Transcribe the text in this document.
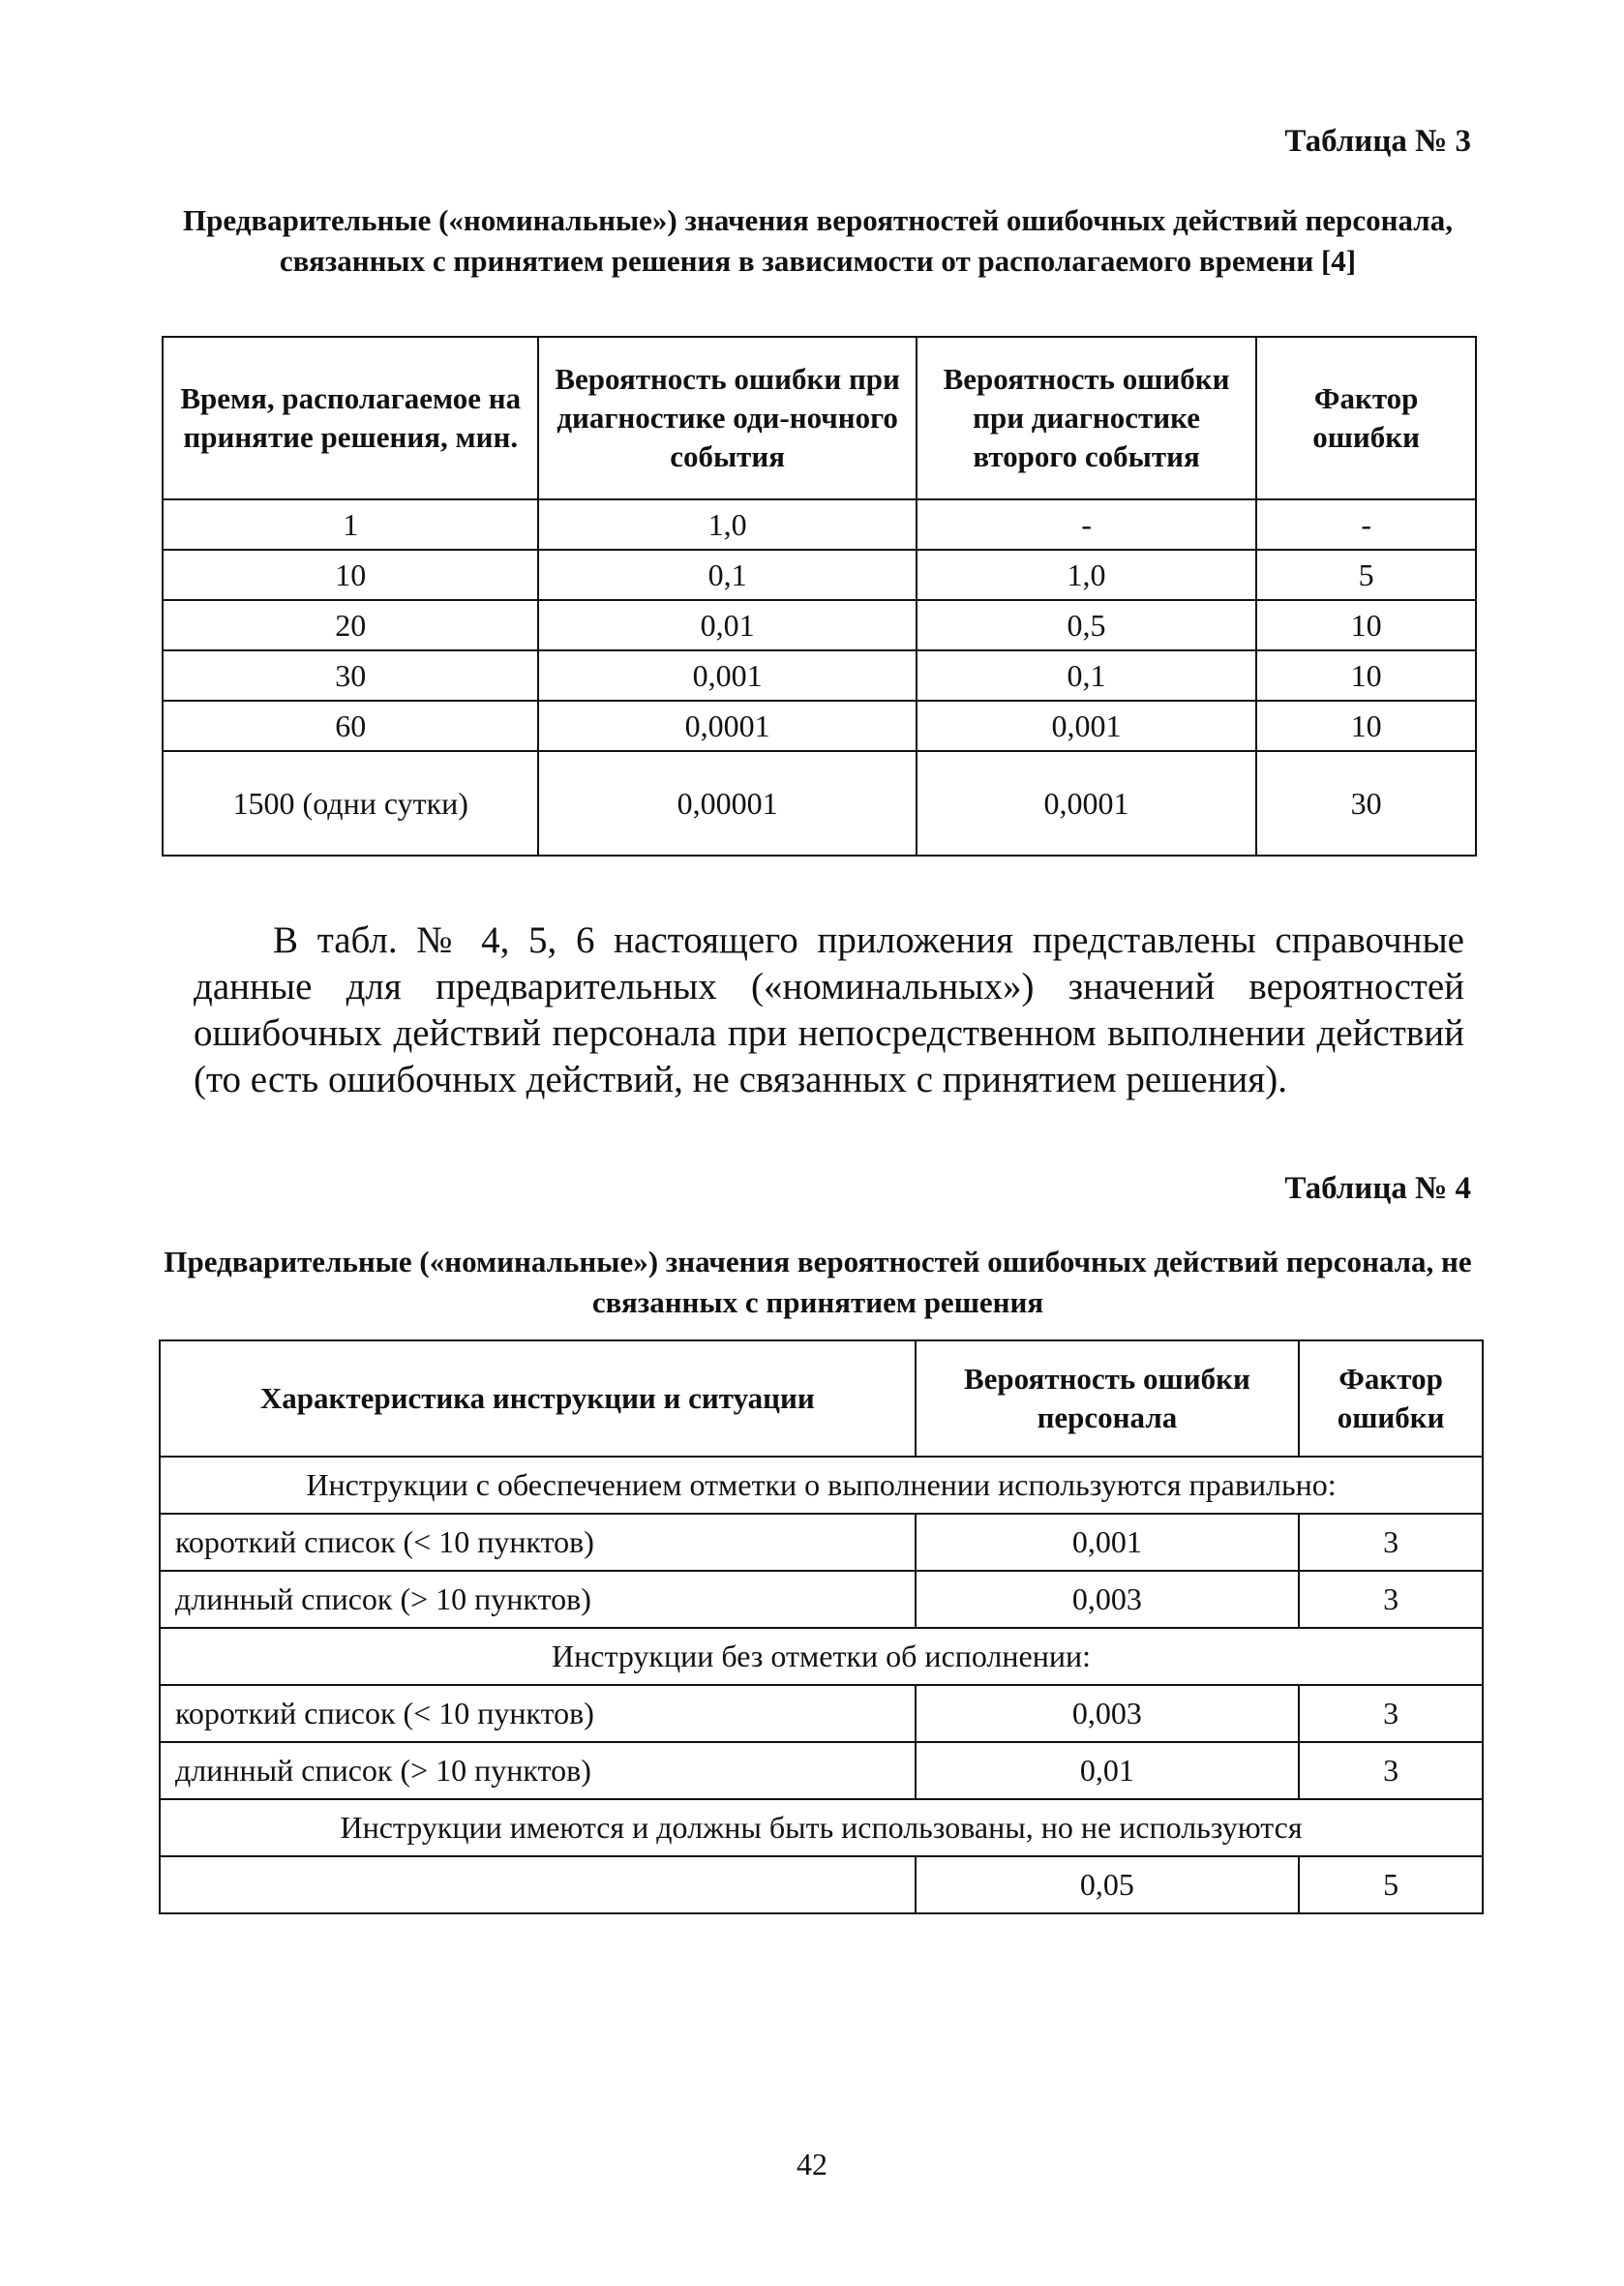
Таблица № 3
Предварительные («номинальные») значения вероятностей ошибочных действий персонала, связанных с принятием решения в зависимости от располагаемого времени [4]
Время, располагаемое на принятие решения, мин.	Вероятность ошибки при диагностике оди-ночного события	Вероятность ошибки при диагностике второго события	Фактор ошибки
1	1,0	-	-
10	0,1	1,0	5
20	0,01	0,5	10
30	0,001	0,1	10
60	0,0001	0,001	10
1500 (одни сутки)	0,00001	0,0001	30
В табл. № 4, 5, 6 настоящего приложения представлены справочные данные для предварительных («номинальных») значений вероятностей ошибочных действий персонала при непосредственном выполнении действий (то есть ошибочных действий, не связанных с принятием решения).
Таблица № 4
Предварительные («номинальные») значения вероятностей ошибочных действий персонала, не связанных с принятием решения
Характеристика инструкции и ситуации	Вероятность ошибки персонала	Фактор ошибки
Инструкции с обеспечением отметки о выполнении используются правильно:		
короткий список (< 10 пунктов)	0,001	3
длинный список (> 10 пунктов)	0,003	3
Инструкции без отметки об исполнении:		
короткий список (< 10 пунктов)	0,003	3
длинный список (> 10 пунктов)	0,01	3
Инструкции имеются и должны быть использованы, но не используются		
	0,05	5
42
